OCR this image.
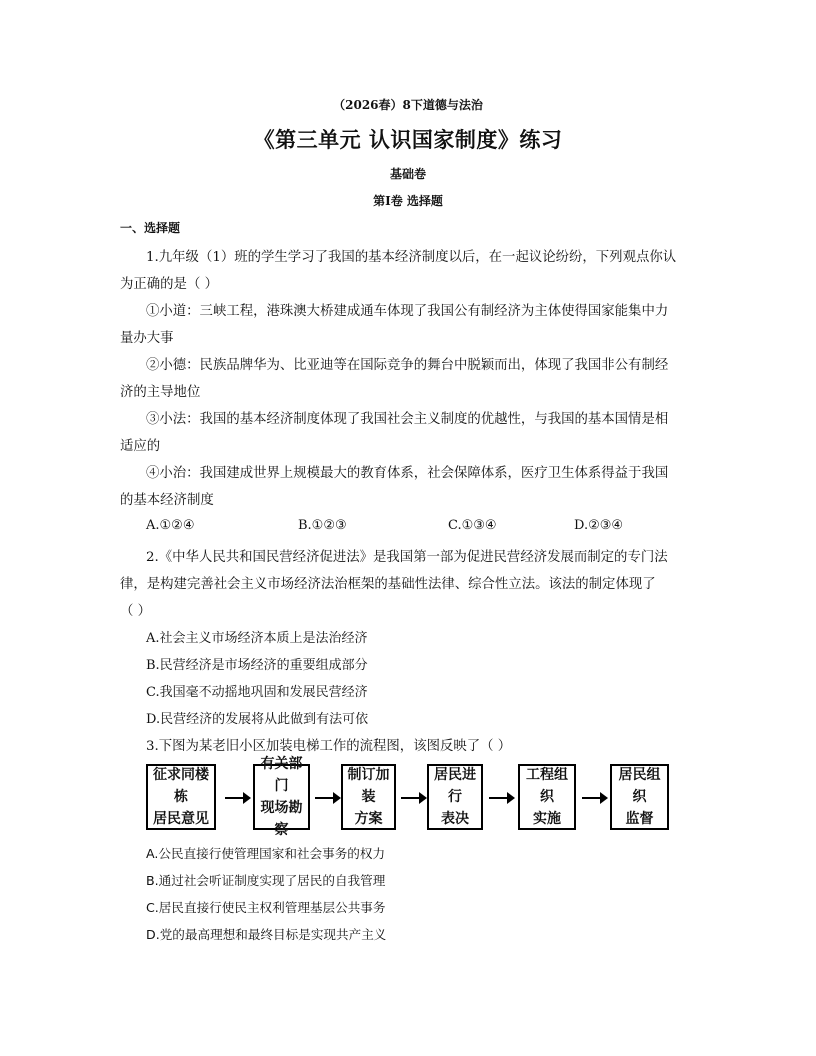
（2026春）8下道德与法治
《第三单元 认识国家制度》练习
基础卷
第Ⅰ卷 选择题
一、选择题
1.九年级（1）班的学生学习了我国的基本经济制度以后，在一起议论纷纷，下列观点你认
为正确的是（ ）
①小道：三峡工程，港珠澳大桥建成通车体现了我国公有制经济为主体使得国家能集中力
量办大事
②小德：民族品牌华为、比亚迪等在国际竞争的舞台中脱颖而出，体现了我国非公有制经
济的主导地位
③小法：我国的基本经济制度体现了我国社会主义制度的优越性，与我国的基本国情是相
适应的
④小治：我国建成世界上规模最大的教育体系，社会保障体系，医疗卫生体系得益于我国
的基本经济制度
A.①②④	B.①②③	C.①③④	D.②③④
2.《中华人民共和国民营经济促进法》是我国第一部为促进民营经济发展而制定的专门法
律，是构建完善社会主义市场经济法治框架的基础性法律、综合性立法。该法的制定体现了
（ ）
A.社会主义市场经济本质上是法治经济
B.民营经济是市场经济的重要组成部分
C.我国毫不动摇地巩固和发展民营经济
D.民营经济的发展将从此做到有法可依
3.下图为某老旧小区加装电梯工作的流程图，该图反映了（ ）
征求同楼栋
居民意见
有关部门
现场勘察
制订加装
方案
居民进行
表决
工程组织
实施
居民组织
监督
A.公民直接行使管理国家和社会事务的权力
B.通过社会听证制度实现了居民的自我管理
C.居民直接行使民主权利管理基层公共事务
D.党的最高理想和最终目标是实现共产主义
